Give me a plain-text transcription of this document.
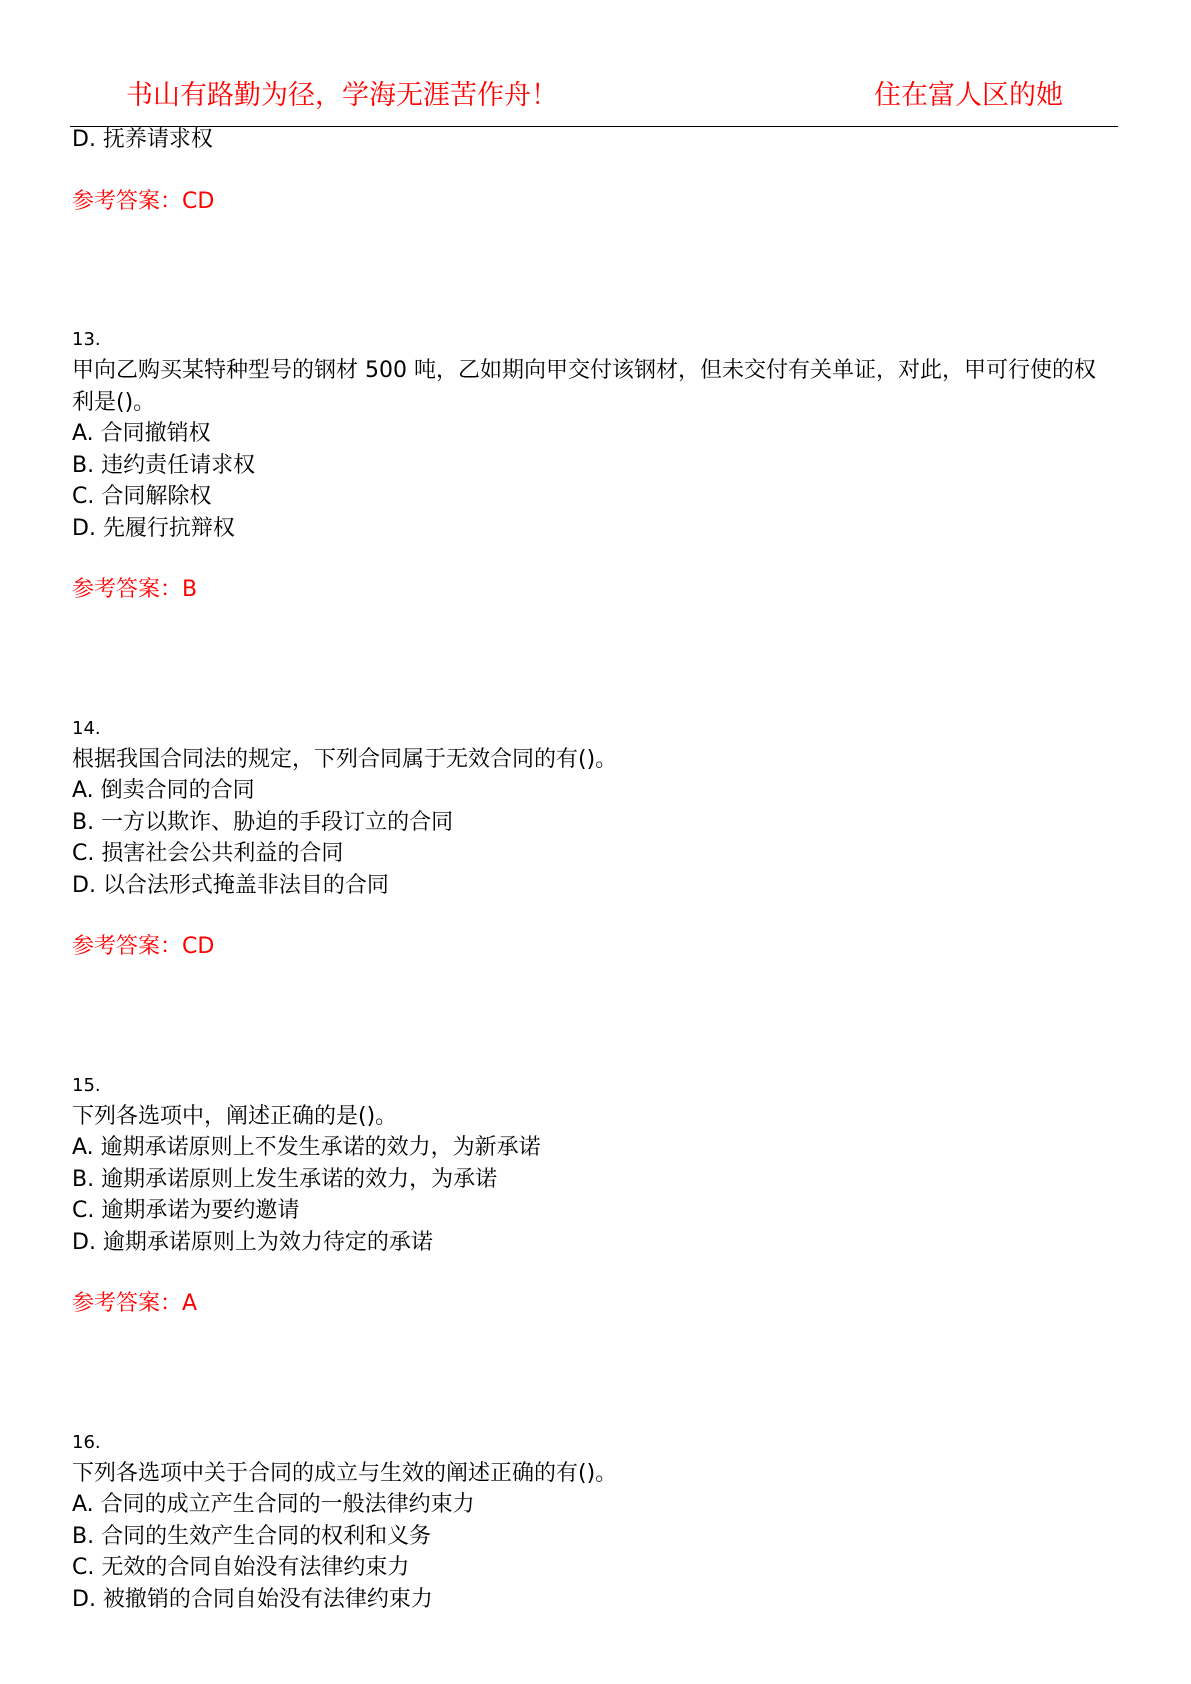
书山有路勤为径，学海无涯苦作舟！	住在富人区的她
D. 抚养请求权
参考答案：CD
13.
甲向乙购买某特种型号的钢材 500 吨，乙如期向甲交付该钢材，但未交付有关单证，对此，甲可行使的权利是()。
A. 合同撤销权
B. 违约责任请求权
C. 合同解除权
D. 先履行抗辩权
参考答案：B
14.
根据我国合同法的规定，下列合同属于无效合同的有()。
A. 倒卖合同的合同
B. 一方以欺诈、胁迫的手段订立的合同
C. 损害社会公共利益的合同
D. 以合法形式掩盖非法目的合同
参考答案：CD
15.
下列各选项中，阐述正确的是()。
A. 逾期承诺原则上不发生承诺的效力，为新承诺
B. 逾期承诺原则上发生承诺的效力，为承诺
C. 逾期承诺为要约邀请
D. 逾期承诺原则上为效力待定的承诺
参考答案：A
16.
下列各选项中关于合同的成立与生效的阐述正确的有()。
A. 合同的成立产生合同的一般法律约束力
B. 合同的生效产生合同的权利和义务
C. 无效的合同自始没有法律约束力
D. 被撤销的合同自始没有法律约束力
